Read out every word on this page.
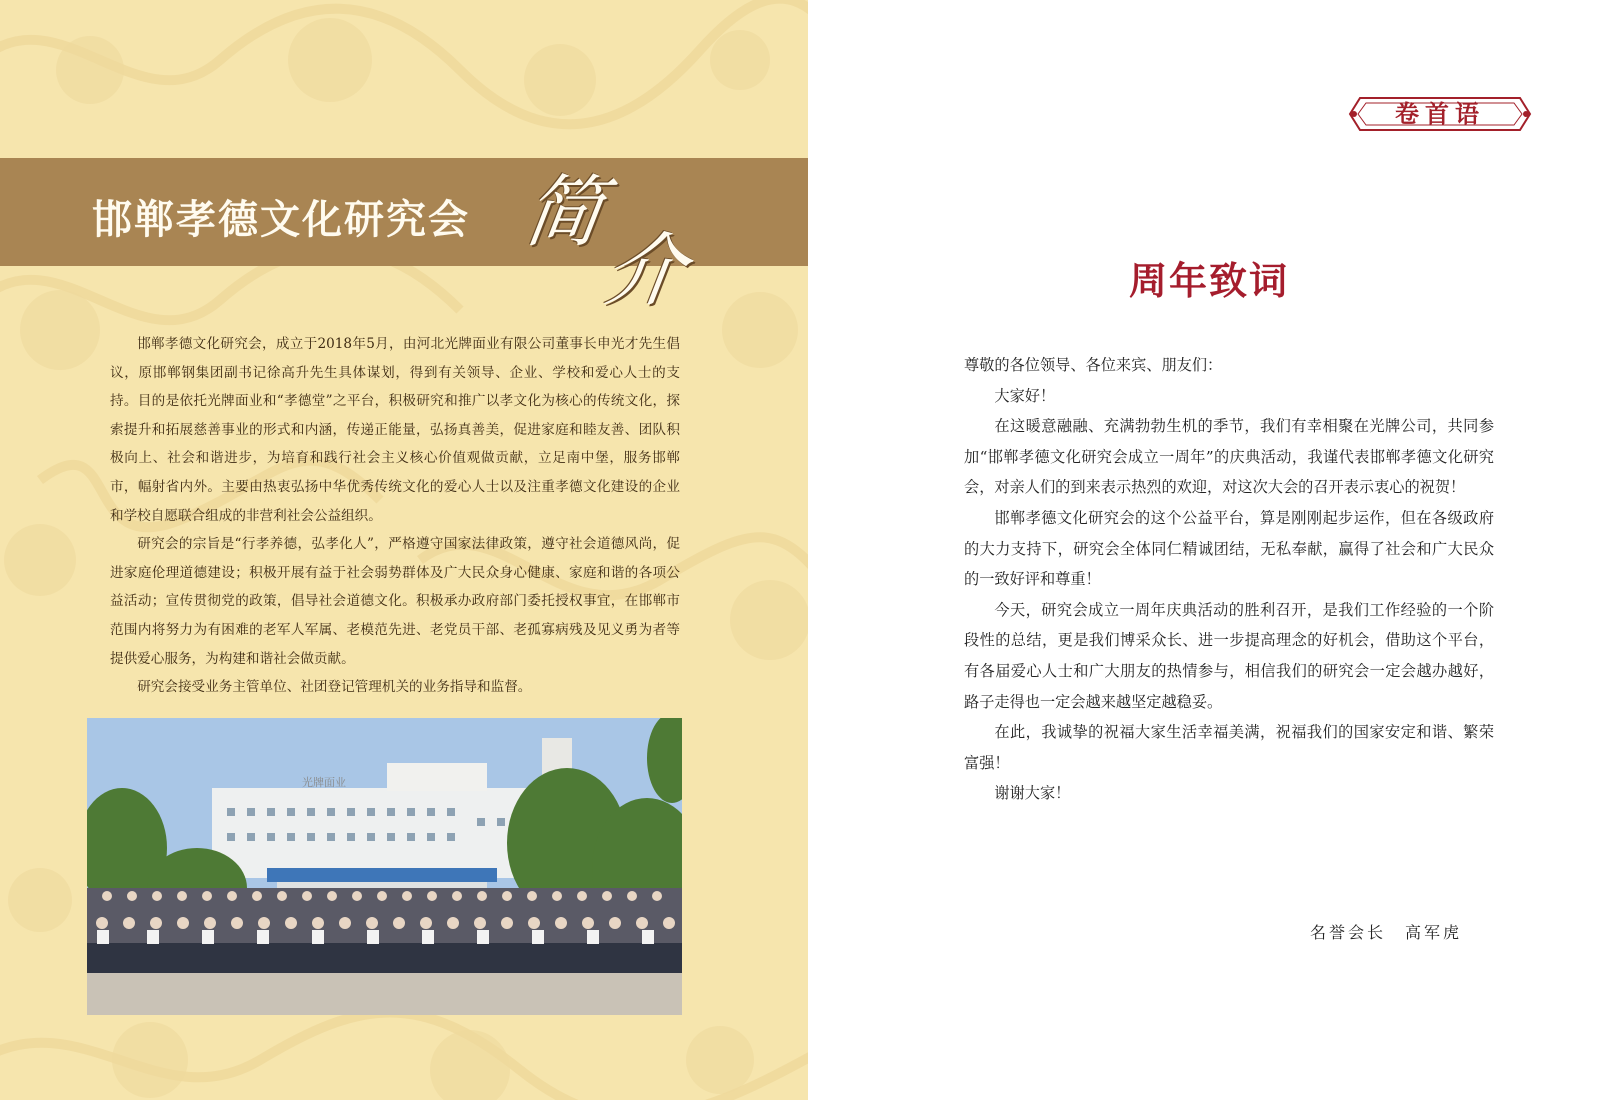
邯郸孝德文化研究会 简
介

邯郸孝德文化研究会，成立于2018年5月，由河北光牌面业有限公司董事长申光才先生倡议，原邯郸钢集团副书记徐高升先生具体谋划，得到有关领导、企业、学校和爱心人士的支持。目的是依托光牌面业和“孝德堂”之平台，积极研究和推广以孝文化为核心的传统文化，探索提升和拓展慈善事业的形式和内涵，传递正能量，弘扬真善美，促进家庭和睦友善、团队积极向上、社会和谐进步，为培育和践行社会主义核心价值观做贡献，立足南中堡，服务邯郸市，幅射省内外。主要由热衷弘扬中华优秀传统文化的爱心人士以及注重孝德文化建设的企业和学校自愿联合组成的非营利社会公益组织。

研究会的宗旨是“行孝养德，弘孝化人”，严格遵守国家法律政策，遵守社会道德风尚，促进家庭伦理道德建设；积极开展有益于社会弱势群体及广大民众身心健康、家庭和谐的各项公益活动；宣传贯彻党的政策，倡导社会道德文化。积极承办政府部门委托授权事宜，在邯郸市范围内将努力为有困难的老军人军属、老模范先进、老党员干部、老孤寡病残及见义勇为者等提供爱心服务，为构建和谐社会做贡献。

研究会接受业务主管单位、社团登记管理机关的业务指导和监督。

光牌面业
卷首语
周年致词

尊敬的各位领导、各位来宾、朋友们：

大家好！

在这暖意融融、充满勃勃生机的季节，我们有幸相聚在光牌公司，共同参加“邯郸孝德文化研究会成立一周年”的庆典活动，我谨代表邯郸孝德文化研究会，对亲人们的到来表示热烈的欢迎，对这次大会的召开表示衷心的祝贺！

邯郸孝德文化研究会的这个公益平台，算是刚刚起步运作，但在各级政府的大力支持下，研究会全体同仁精诚团结，无私奉献，赢得了社会和广大民众的一致好评和尊重！

今天，研究会成立一周年庆典活动的胜利召开，是我们工作经验的一个阶段性的总结，更是我们博采众长、进一步提高理念的好机会，借助这个平台，有各届爱心人士和广大朋友的热情参与，相信我们的研究会一定会越办越好，路子走得也一定会越来越坚定越稳妥。

在此，我诚挚的祝福大家生活幸福美满，祝福我们的国家安定和谐、繁荣富强！

谢谢大家！

名誉会长　高军虎
